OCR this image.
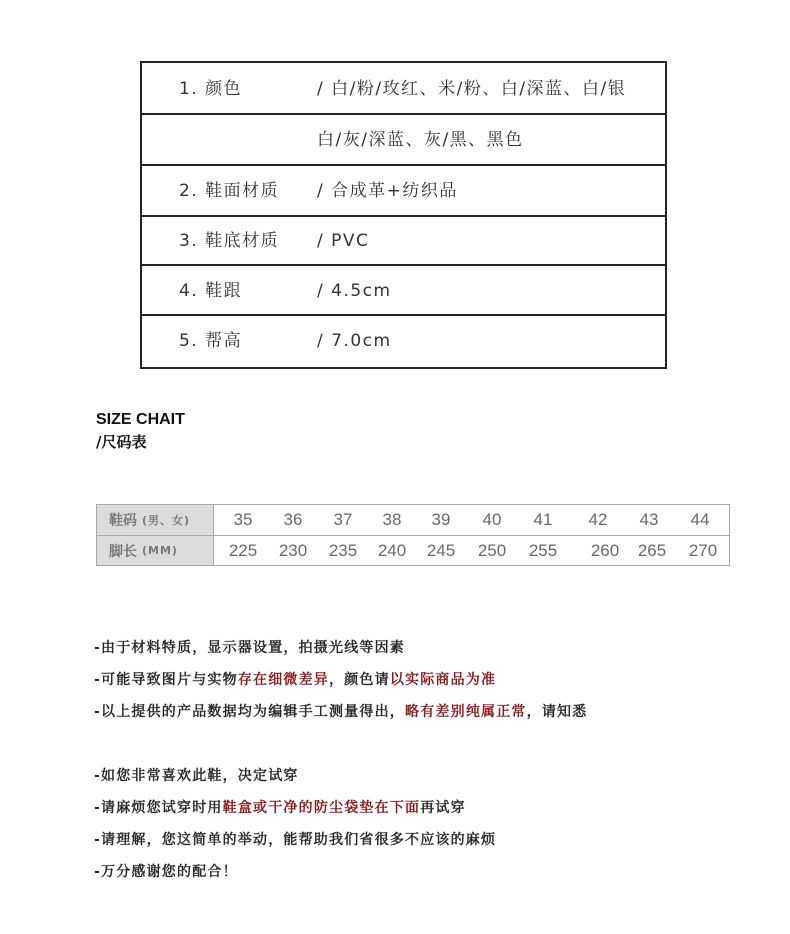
1. 颜色	/ 白/粉/玫红、米/粉、白/深蓝、白/银
白/灰/深蓝、灰/黑、黑色
2. 鞋面材质 / 合成革+纺织品
3. 鞋底材质 / PVC
4. 鞋跟	/ 4.5cm
5. 帮高	/ 7.0cm
SIZE CHAIT
/尺码表
鞋码 (男、女)	35	36	37	38	39	40	41	42	43	44
脚长 (MM)	225	230	235	240	245	250	255	260	265	270
-由于材料特质，显示器设置，拍摄光线等因素
-可能导致图片与实物存在细微差异，颜色请以实际商品为准
-以上提供的产品数据均为编辑手工测量得出，略有差别纯属正常，请知悉
-如您非常喜欢此鞋，决定试穿
-请麻烦您试穿时用鞋盒或干净的防尘袋垫在下面再试穿
-请理解，您这简单的举动，能帮助我们省很多不应该的麻烦
-万分感谢您的配合！
